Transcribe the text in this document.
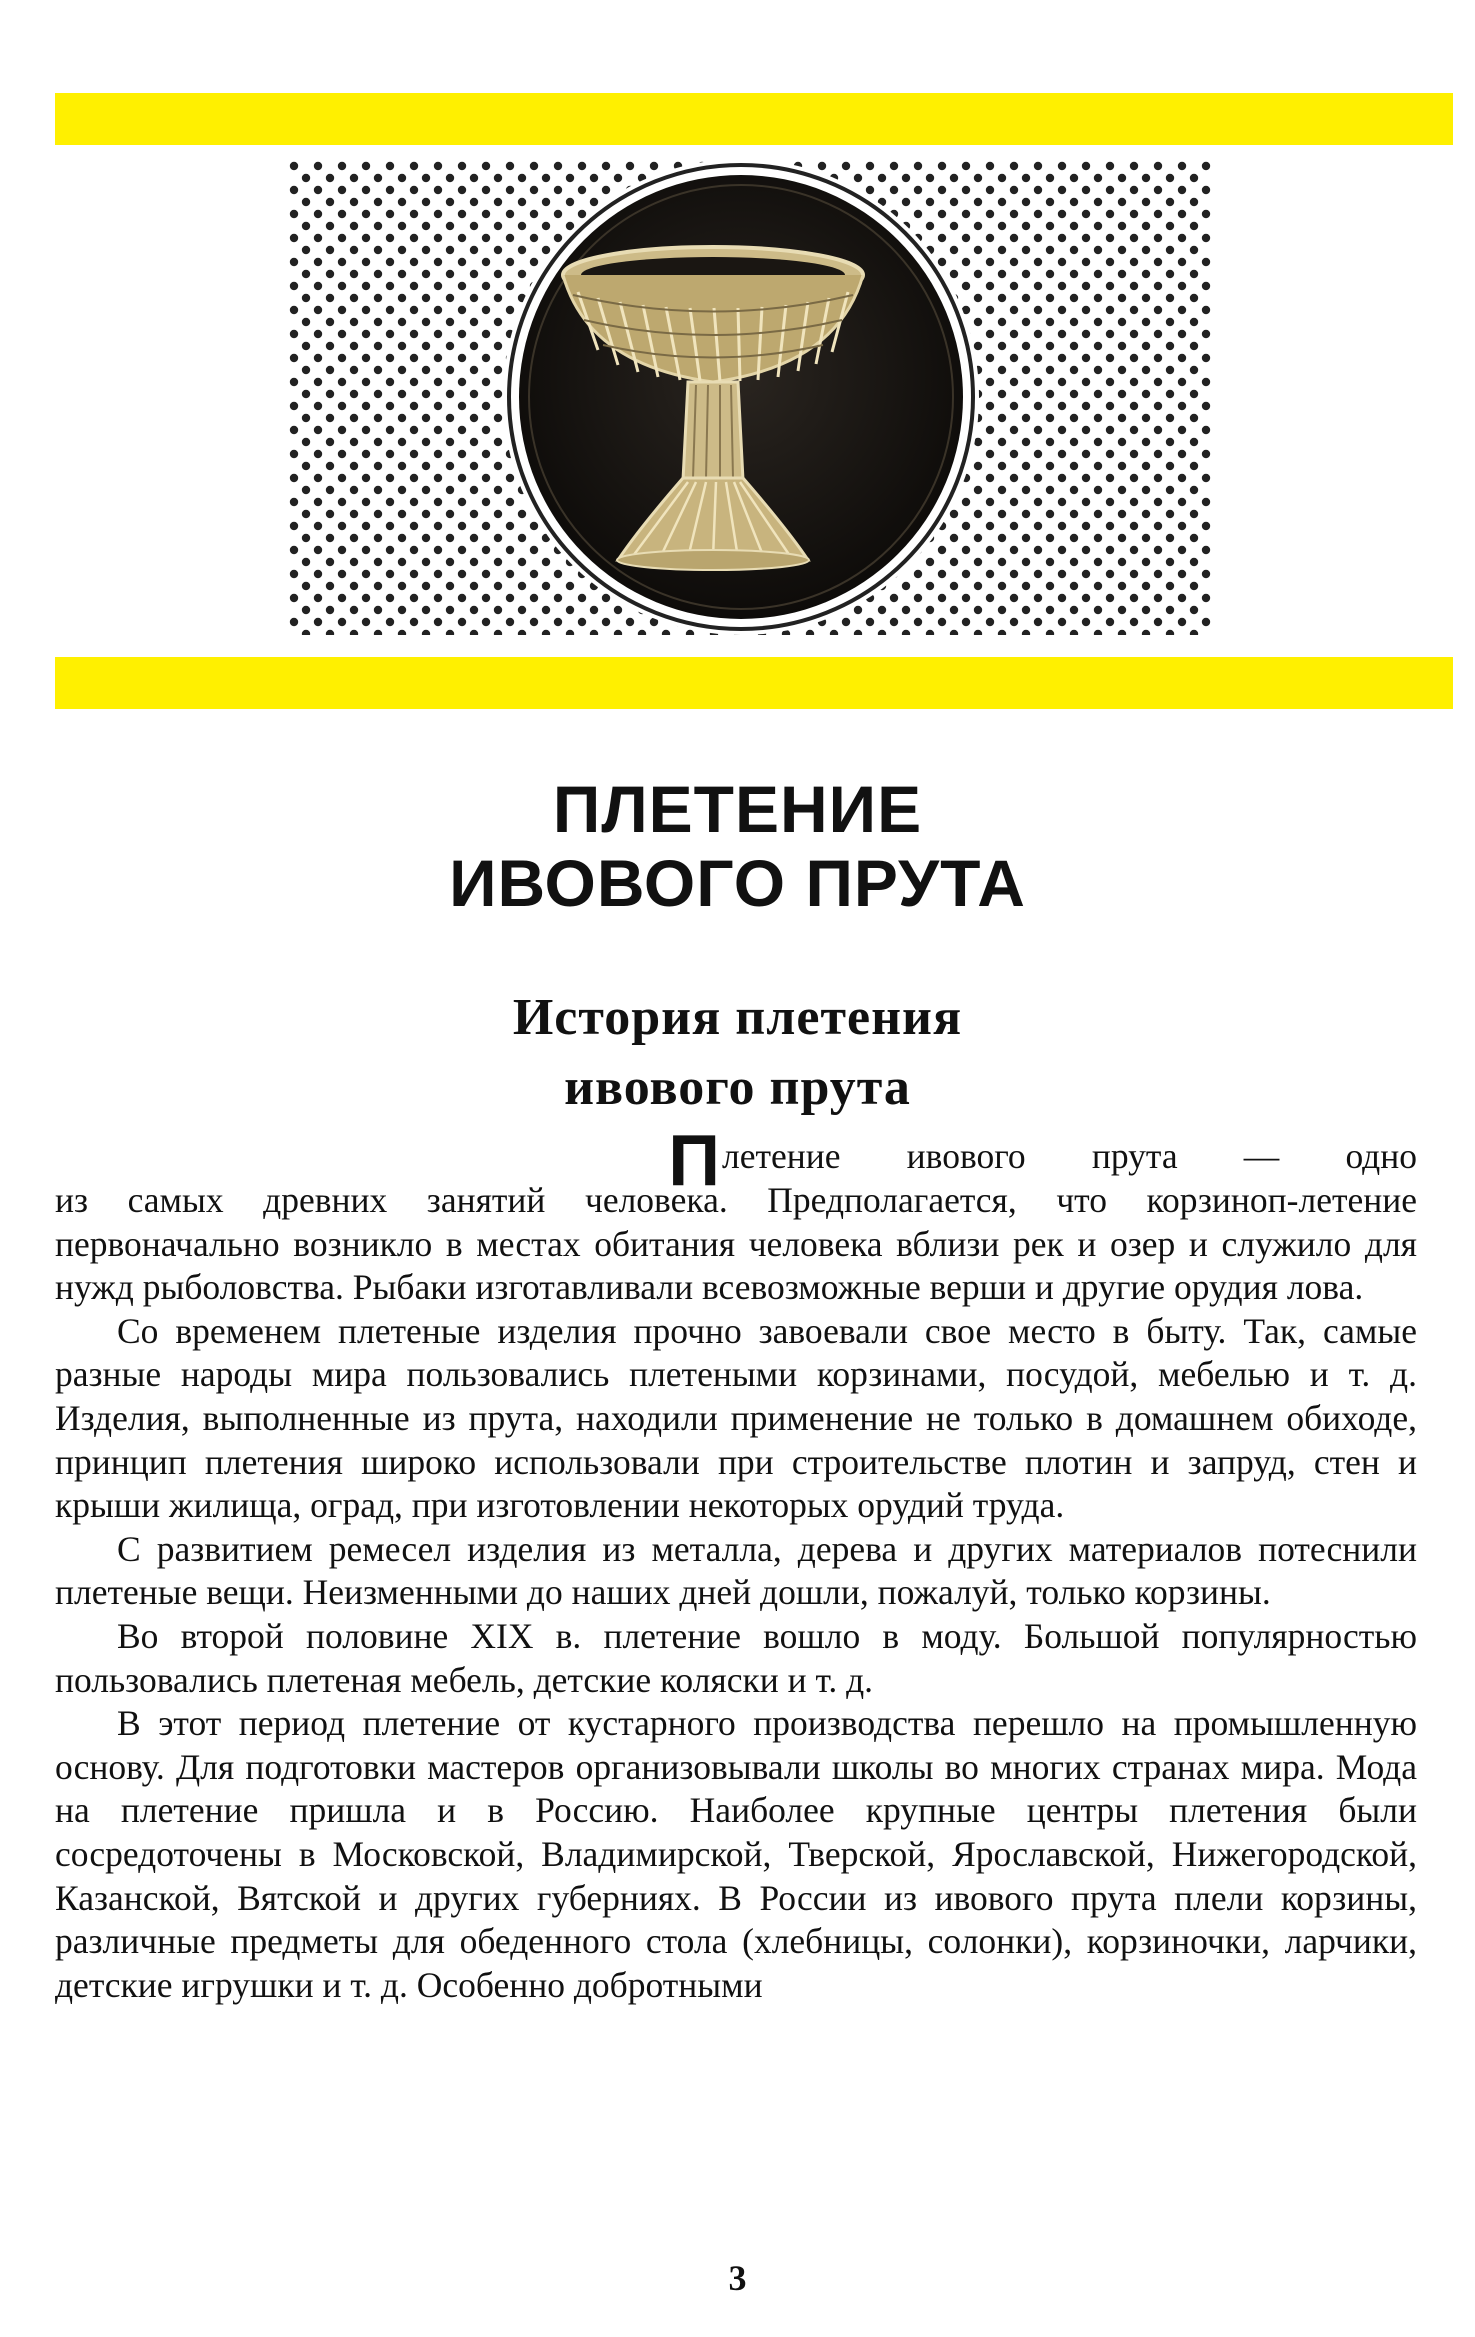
ПЛЕТЕНИЕ
ИВОВОГО ПРУТА
История плетения
ивового прута

П летение ивового прута — одно
из самых древних занятий человека. Предполагается, что корзиноп-летение первоначально возникло в местах обитания человека вблизи рек и озер и служило для нужд рыболовства. Рыбаки изготавливали всевозможные верши и другие орудия лова.

Со временем плетеные изделия прочно завоевали свое место в быту. Так, самые разные народы мира пользовались плетеными корзинами, посудой, мебелью и т. д. Изделия, выполненные из прута, находили применение не только в домашнем обиходе, принцип плетения широко использовали при строительстве плотин и запруд, стен и крыши жилища, оград, при изготовлении некоторых орудий труда.

С развитием ремесел изделия из металла, дерева и других материалов потеснили плетеные вещи. Неизменными до наших дней дошли, пожалуй, только корзины.

Во второй половине XIX в. плетение вошло в моду. Большой популярностью пользовались плетеная мебель, детские коляски и т. д.

В этот период плетение от кустарного производства перешло на промышленную основу. Для подготовки мастеров организовывали школы во многих странах мира. Мода на плетение пришла и в Россию. Наиболее крупные центры плетения были сосредоточены в Московской, Владимирской, Тверской, Ярославской, Нижегородской, Казанской, Вятской и других губерниях. В России из ивового прута плели корзины, различные предметы для обеденного стола (хлебницы, солонки), корзиночки, ларчики, детские игрушки и т. д. Особенно добротными

3
